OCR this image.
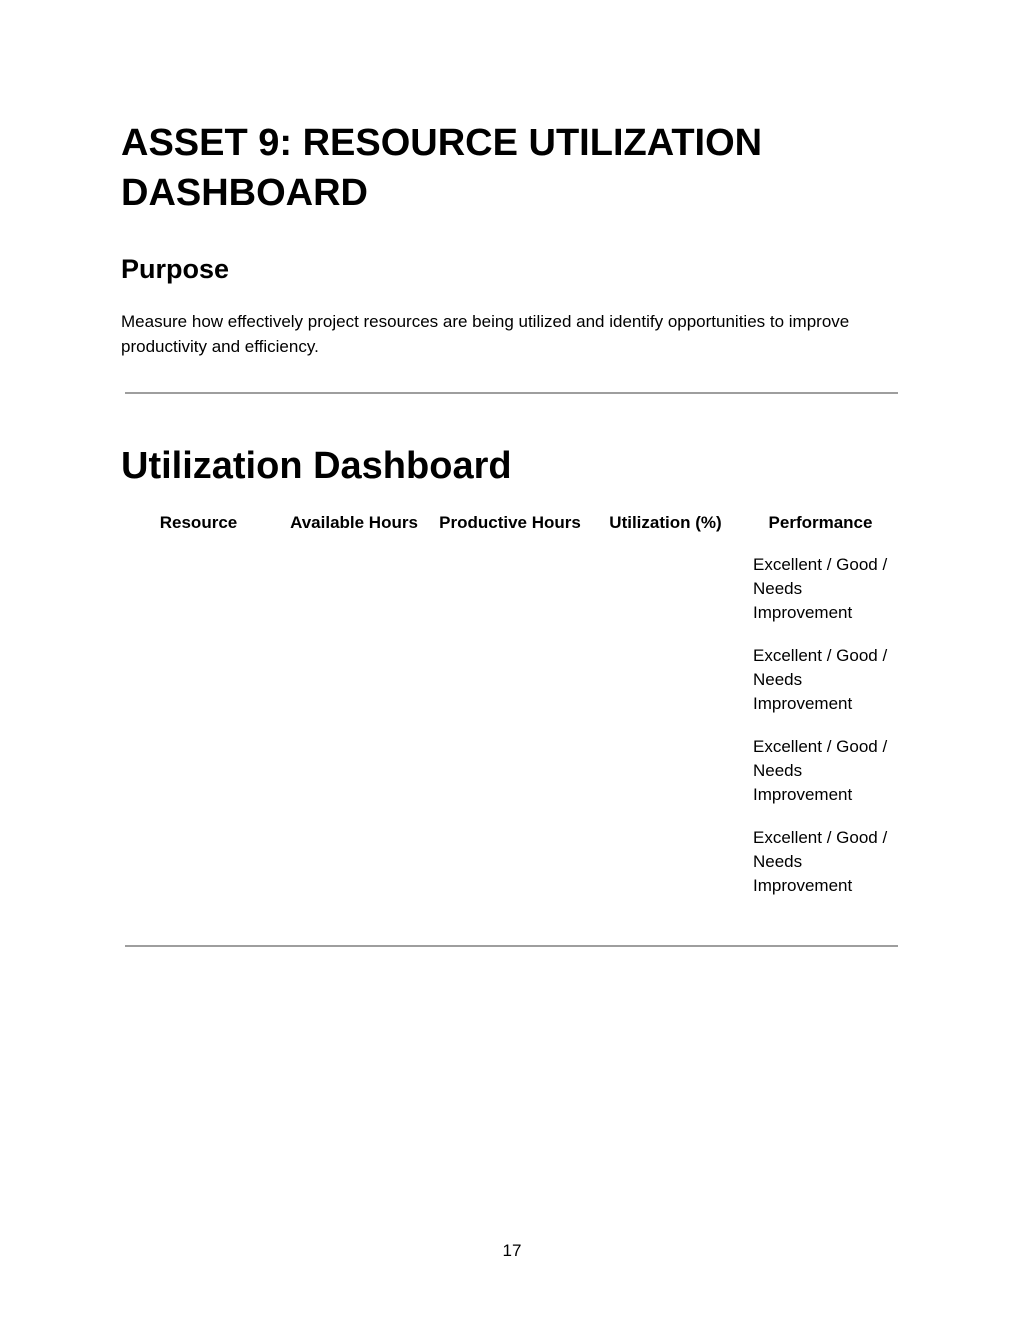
ASSET 9: RESOURCE UTILIZATION DASHBOARD
Purpose

Measure how effectively project resources are being utilized and identify opportunities to improve productivity and efficiency.

Utilization Dashboard
Resource	Available Hours	Productive Hours	Utilization (%)	Performance
				Excellent / Good / Needs Improvement
				Excellent / Good / Needs Improvement
				Excellent / Good / Needs Improvement
				Excellent / Good / Needs Improvement
17
